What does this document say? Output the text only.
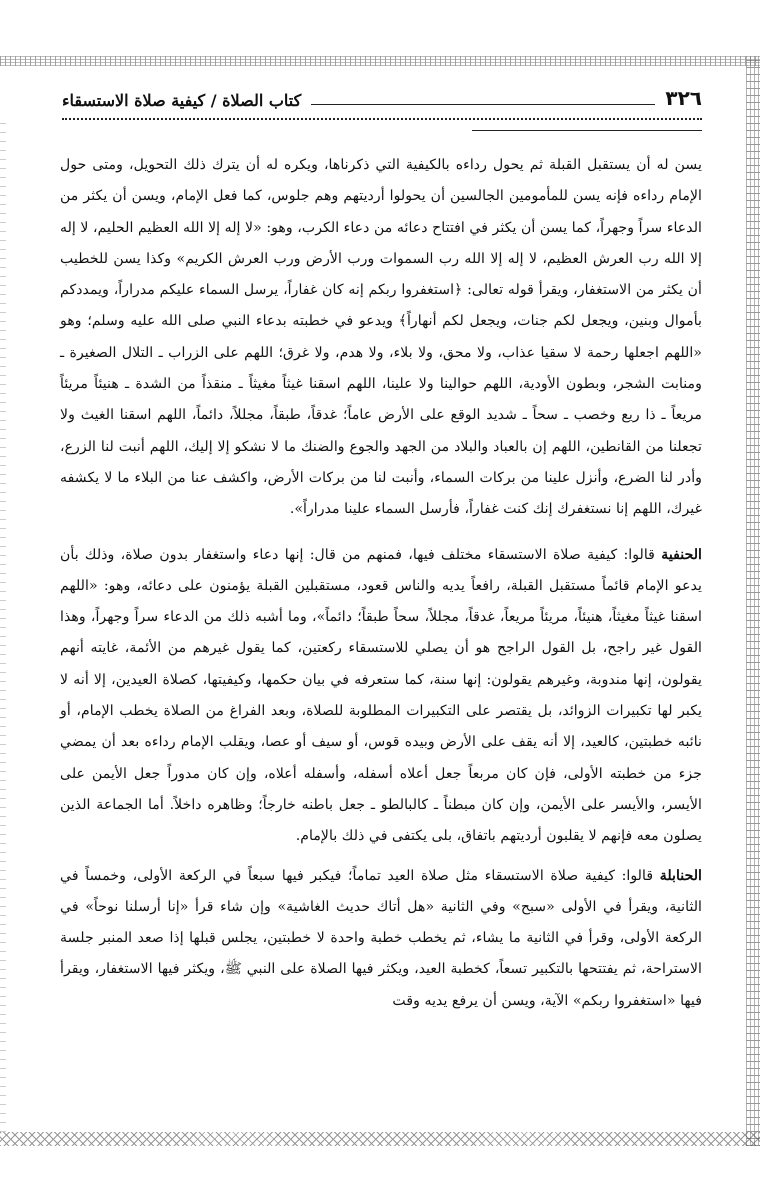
٣٢٦
كتاب الصلاة / كيفية صلاة الاستسقاء

يسن له أن يستقبل القبلة ثم يحول رداءه بالكيفية التي ذكرناها، ويكره له أن يترك ذلك التحويل، ومتى حول الإمام رداءه فإنه يسن للمأمومين الجالسين أن يحولوا أرديتهم وهم جلوس، كما فعل الإمام، ويسن أن يكثر من الدعاء سراً وجهراً، كما يسن أن يكثر في افتتاح دعائه من دعاء الكرب، وهو: «لا إله إلا الله العظيم الحليم، لا إله إلا الله رب العرش العظيم، لا إله إلا الله رب السموات ورب الأرض ورب العرش الكريم» وكذا يسن للخطيب أن يكثر من الاستغفار، ويقرأ قوله تعالى: ﴿استغفروا ربكم إنه كان غفاراً، يرسل السماء عليكم مدراراً، ويمددكم بأموال وبنين، ويجعل لكم جنات، ويجعل لكم أنهاراً﴾ ويدعو في خطبته بدعاء النبي صلى الله عليه وسلم؛ وهو «اللهم اجعلها رحمة لا سقيا عذاب، ولا محق، ولا بلاء، ولا هدم، ولا غرق؛ اللهم على الزراب ـ التلال الصغيرة ـ ومنابت الشجر، وبطون الأودية، اللهم حوالينا ولا علينا، اللهم اسقنا غيثاً مغيثاً ـ منقذاً من الشدة ـ هنيئاً مريئاً مريعاً ـ ذا ريع وخصب ـ سحاً ـ شديد الوقع على الأرض عاماً؛ غدقاً، طبقاً، مجللاً، دائماً، اللهم اسقنا الغيث ولا تجعلنا من القانطين، اللهم إن بالعباد والبلاد من الجهد والجوع والضنك ما لا نشكو إلا إليك، اللهم أنبت لنا الزرع، وأدر لنا الضرع، وأنزل علينا من بركات السماء، وأنبت لنا من بركات الأرض، واكشف عنا من البلاء ما لا يكشفه غيرك، اللهم إنا نستغفرك إنك كنت غفاراً، فأرسل السماء علينا مدراراً».

الحنفية قالوا: كيفية صلاة الاستسقاء مختلف فيها، فمنهم من قال: إنها دعاء واستغفار بدون صلاة، وذلك بأن يدعو الإمام قائماً مستقبل القبلة، رافعاً يديه والناس قعود، مستقبلين القبلة يؤمنون على دعائه، وهو: «اللهم اسقنا غيثاً مغيثاً، هنيئاً، مريئاً مريعاً، غدقاً، مجللاً، سحاً طبقاً؛ دائماً»، وما أشبه ذلك من الدعاء سراً وجهراً، وهذا القول غير راجح، بل القول الراجح هو أن يصلي للاستسقاء ركعتين، كما يقول غيرهم من الأئمة، غايته أنهم يقولون، إنها مندوبة، وغيرهم يقولون: إنها سنة، كما ستعرفه في بيان حكمها، وكيفيتها، كصلاة العيدين، إلا أنه لا يكبر لها تكبيرات الزوائد، بل يقتصر على التكبيرات المطلوبة للصلاة، وبعد الفراغ من الصلاة يخطب الإمام، أو نائبه خطبتين، كالعيد، إلا أنه يقف على الأرض وبيده قوس، أو سيف أو عصا، ويقلب الإمام رداءه بعد أن يمضي جزء من خطبته الأولى، فإن كان مربعاً جعل أعلاه أسفله، وأسفله أعلاه، وإن كان مدوراً جعل الأيمن على الأيسر، والأيسر على الأيمن، وإن كان مبطناً ـ كالبالطو ـ جعل باطنه خارجاً؛ وظاهره داخلاً. أما الجماعة الذين يصلون معه فإنهم لا يقلبون أرديتهم باتفاق، بلى يكتفى في ذلك بالإمام.

الحنابلة قالوا: كيفية صلاة الاستسقاء مثل صلاة العيد تماماً؛ فيكبر فيها سبعاً في الركعة الأولى، وخمساً في الثانية، ويقرأ في الأولى «سبح» وفي الثانية «هل أتاك حديث الغاشية» وإن شاء قرأ «إنا أرسلنا نوحاً» في الركعة الأولى، وقرأ في الثانية ما يشاء، ثم يخطب خطبة واحدة لا خطبتين، يجلس قبلها إذا صعد المنبر جلسة الاستراحة، ثم يفتتحها بالتكبير تسعاً، كخطبة العيد، ويكثر فيها الصلاة على النبي ﷺ، ويكثر فيها الاستغفار، ويقرأ فيها «استغفروا ربكم» الآية، ويسن أن يرفع يديه وقت
